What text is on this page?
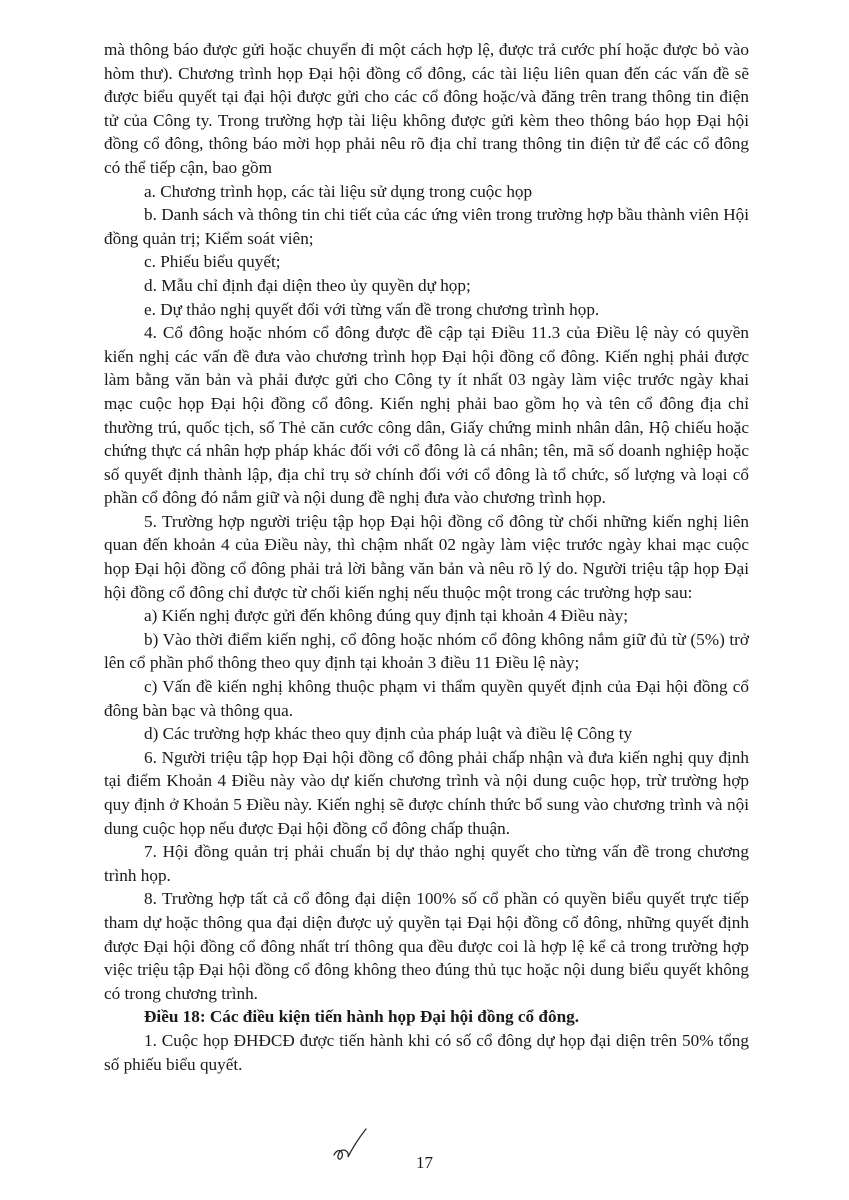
mà thông báo được gửi hoặc chuyển đi một cách hợp lệ, được trả cước phí hoặc được bỏ vào hòm thư). Chương trình họp Đại hội đồng cổ đông, các tài liệu liên quan đến các vấn đề sẽ được biểu quyết tại đại hội được gửi cho các cổ đông hoặc/và đăng trên trang thông tin điện tử của Công ty. Trong trường hợp tài liệu không được gửi kèm theo thông báo họp Đại hội đồng cổ đông, thông báo mời họp phải nêu rõ địa chỉ trang thông tin điện tử để các cổ đông có thể tiếp cận, bao gồm

a. Chương trình họp, các tài liệu sử dụng trong cuộc họp

b. Danh sách và thông tin chi tiết của các ứng viên trong trường hợp bầu thành viên Hội đồng quản trị; Kiểm soát viên;

c. Phiếu biểu quyết;

d. Mẫu chỉ định đại diện theo ủy quyền dự họp;

e. Dự thảo nghị quyết đối với từng vấn đề trong chương trình họp.

4. Cổ đông hoặc nhóm cổ đông được đề cập tại Điều 11.3 của Điều lệ này có quyền kiến nghị các vấn đề đưa vào chương trình họp Đại hội đồng cổ đông. Kiến nghị phải được làm bằng văn bản và phải được gửi cho Công ty ít nhất 03 ngày làm việc trước ngày khai mạc cuộc họp Đại hội đồng cổ đông. Kiến nghị phải bao gồm họ và tên cổ đông địa chỉ thường trú, quốc tịch, số Thẻ căn cước công dân, Giấy chứng minh nhân dân, Hộ chiếu hoặc chứng thực cá nhân hợp pháp khác đối với cổ đông là cá nhân; tên, mã số doanh nghiệp hoặc số quyết định thành lập, địa chỉ trụ sở chính đối với cổ đông là tổ chức, số lượng và loại cổ phần cổ đông đó nắm giữ và nội dung đề nghị đưa vào chương trình họp.

5. Trường hợp người triệu tập họp Đại hội đồng cổ đông từ chối những kiến nghị liên quan đến khoản 4 của Điều này, thì chậm nhất 02 ngày làm việc trước ngày khai mạc cuộc họp Đại hội đồng cổ đông phải trả lời bằng văn bản và nêu rõ lý do. Người triệu tập họp Đại hội đồng cổ đông chỉ được từ chối kiến nghị nếu thuộc một trong các trường hợp sau:

a) Kiến nghị được gửi đến không đúng quy định tại khoản 4 Điều này;

b) Vào thời điểm kiến nghị, cổ đông hoặc nhóm cổ đông không nắm giữ đủ từ (5%) trở lên cổ phần phổ thông theo quy định tại khoản 3 điều 11 Điều lệ này;

c) Vấn đề kiến nghị không thuộc phạm vi thẩm quyền quyết định của Đại hội đồng cổ đông bàn bạc và thông qua.

d) Các trường hợp khác theo quy định của pháp luật và điều lệ Công ty

6. Người triệu tập họp Đại hội đồng cổ đông phải chấp nhận và đưa kiến nghị quy định tại điểm Khoản 4 Điều này vào dự kiến chương trình và nội dung cuộc họp, trừ trường hợp quy định ở Khoản 5 Điều này. Kiến nghị sẽ được chính thức bổ sung vào chương trình và nội dung cuộc họp nếu được Đại hội đồng cổ đông chấp thuận.

7. Hội đồng quản trị phải chuẩn bị dự thảo nghị quyết cho từng vấn đề trong chương trình họp.

8. Trường hợp tất cả cổ đông đại diện 100% số cổ phần có quyền biểu quyết trực tiếp tham dự hoặc thông qua đại diện được uỷ quyền tại Đại hội đồng cổ đông, những quyết định được Đại hội đồng cổ đông nhất trí thông qua đều được coi là hợp lệ kể cả trong trường hợp việc triệu tập Đại hội đồng cổ đông không theo đúng thủ tục hoặc nội dung biểu quyết không có trong chương trình.

Điều 18: Các điều kiện tiến hành họp Đại hội đồng cổ đông.

1. Cuộc họp ĐHĐCĐ được tiến hành khi có số cổ đông dự họp đại diện trên 50% tổng số phiếu biểu quyết.

17
